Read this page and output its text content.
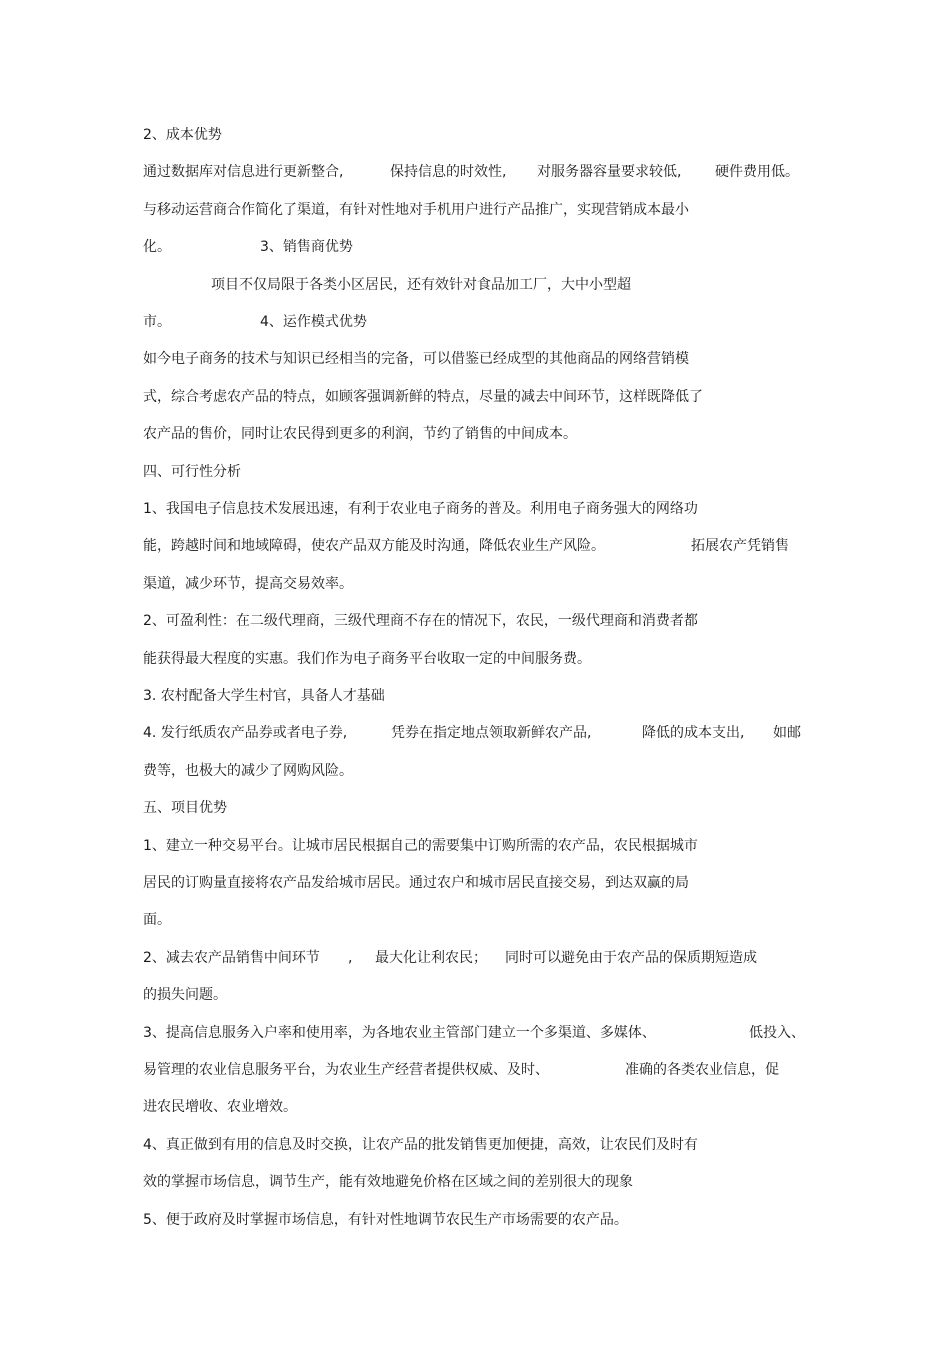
2、成本优势
通过数据库对信息进行更新整合,	保持信息的时效性, 对服务器容量要求较低, 硬件费用低。
与移动运营商合作简化了渠道，有针对性地对手机用户进行产品推广，实现营销成本最小
化。	3、销售商优势
项目不仅局限于各类小区居民，还有效针对食品加工厂，大中小型超
市。	4、运作模式优势
如今电子商务的技术与知识已经相当的完备，可以借鉴已经成型的其他商品的网络营销模
式，综合考虑农产品的特点，如顾客强调新鲜的特点，尽量的减去中间环节，这样既降低了
农产品的售价，同时让农民得到更多的利润，节约了销售的中间成本。
四、可行性分析
1、我国电子信息技术发展迅速，有利于农业电子商务的普及。利用电子商务强大的网络功
能，跨越时间和地域障碍，使农产品双方能及时沟通，降低农业生产风险。	拓展农产凭销售
渠道，减少环节，提高交易效率。
2、可盈利性：在二级代理商，三级代理商不存在的情况下，农民，一级代理商和消费者都
能获得最大程度的实惠。我们作为电子商务平台收取一定的中间服务费。
3. 农村配备大学生村官，具备人才基础
4. 发行纸质农产品券或者电子券,	凭券在指定地点领取新鲜农产品,	降低的成本支出, 如邮
费等，也极大的减少了网购风险。
五、项目优势
1、建立一种交易平台。让城市居民根据自己的需要集中订购所需的农产品，农民根据城市
居民的订购量直接将农产品发给城市居民。通过农户和城市居民直接交易，到达双赢的局
面。
2、减去农产品销售中间环节 , 最大化让利农民； 同时可以避免由于农产品的保质期短造成
的损失问题。
3、提高信息服务入户率和使用率，为各地农业主管部门建立一个多渠道、多媒体、	低投入、
易管理的农业信息服务平台，为农业生产经营者提供权威、及时、	准确的各类农业信息，促
进农民增收、农业增效。
4、真正做到有用的信息及时交换，让农产品的批发销售更加便捷，高效，让农民们及时有
效的掌握市场信息，调节生产，能有效地避免价格在区域之间的差别很大的现象
5、便于政府及时掌握市场信息，有针对性地调节农民生产市场需要的农产品。
